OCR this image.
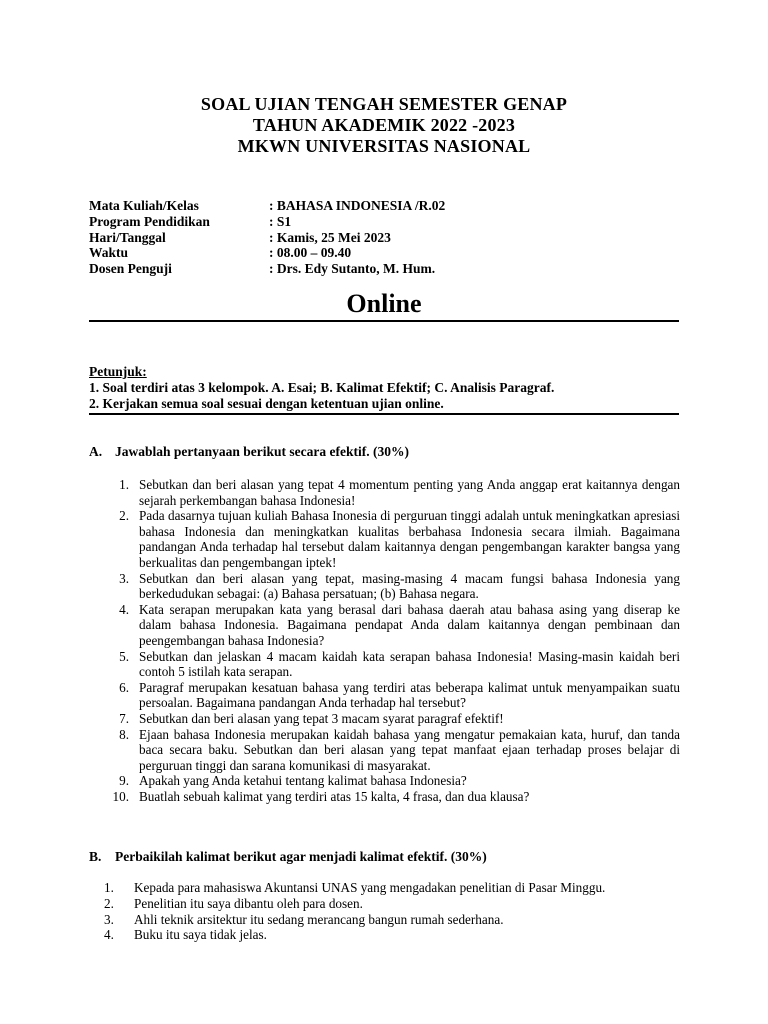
SOAL UJIAN TENGAH SEMESTER GENAP
TAHUN AKADEMIK 2022 -2023
MKWN UNIVERSITAS NASIONAL
Mata Kuliah/Kelas	: BAHASA INDONESIA /R.02
Program Pendidikan	: S1
Hari/Tanggal	: Kamis, 25 Mei 2023
Waktu	: 08.00 – 09.40
Dosen Penguji	: Drs. Edy Sutanto, M. Hum.
Online
Petunjuk:
1. Soal terdiri atas 3 kelompok. A. Esai; B. Kalimat Efektif; C. Analisis Paragraf.
2. Kerjakan semua soal sesuai dengan ketentuan ujian online.
A. Jawablah pertanyaan berikut secara efektif. (30%)
1. Sebutkan dan beri alasan yang tepat 4 momentum penting yang Anda anggap erat kaitannya dengan sejarah perkembangan bahasa Indonesia!
2. Pada dasarnya tujuan kuliah Bahasa Inonesia di perguruan tinggi adalah untuk meningkatkan apresiasi bahasa Indonesia dan meningkatkan kualitas berbahasa Indonesia secara ilmiah. Bagaimana pandangan Anda terhadap hal tersebut dalam kaitannya dengan pengembangan karakter bangsa yang berkualitas dan pengembangan iptek!
3. Sebutkan dan beri alasan yang tepat, masing-masing 4 macam fungsi bahasa Indonesia yang berkedudukan sebagai: (a) Bahasa persatuan; (b) Bahasa negara.
4. Kata serapan merupakan kata yang berasal dari bahasa daerah atau bahasa asing yang diserap ke dalam bahasa Indonesia. Bagaimana pendapat Anda dalam kaitannya dengan pembinaan dan peengembangan bahasa Indonesia?
5. Sebutkan dan jelaskan 4 macam kaidah kata serapan bahasa Indonesia! Masing-masin kaidah beri contoh 5 istilah kata serapan.
6. Paragraf merupakan kesatuan bahasa yang terdiri atas beberapa kalimat untuk menyampaikan suatu persoalan. Bagaimana pandangan Anda terhadap hal tersebut?
7. Sebutkan dan beri alasan yang tepat 3 macam syarat paragraf efektif!
8. Ejaan bahasa Indonesia merupakan kaidah bahasa yang mengatur pemakaian kata, huruf, dan tanda baca secara baku. Sebutkan dan beri alasan yang tepat manfaat ejaan terhadap proses belajar di perguruan tinggi dan sarana komunikasi di masyarakat.
9. Apakah yang Anda ketahui tentang kalimat bahasa Indonesia?
10. Buatlah sebuah kalimat yang terdiri atas 15 kalta, 4 frasa, dan dua klausa?
B. Perbaikilah kalimat berikut agar menjadi kalimat efektif. (30%)
1.	Kepada para mahasiswa Akuntansi UNAS yang mengadakan penelitian di Pasar Minggu.
2.	Penelitian itu saya dibantu oleh para dosen.
3.	Ahli teknik arsitektur itu sedang merancang bangun rumah sederhana.
4.	Buku itu saya tidak jelas.
